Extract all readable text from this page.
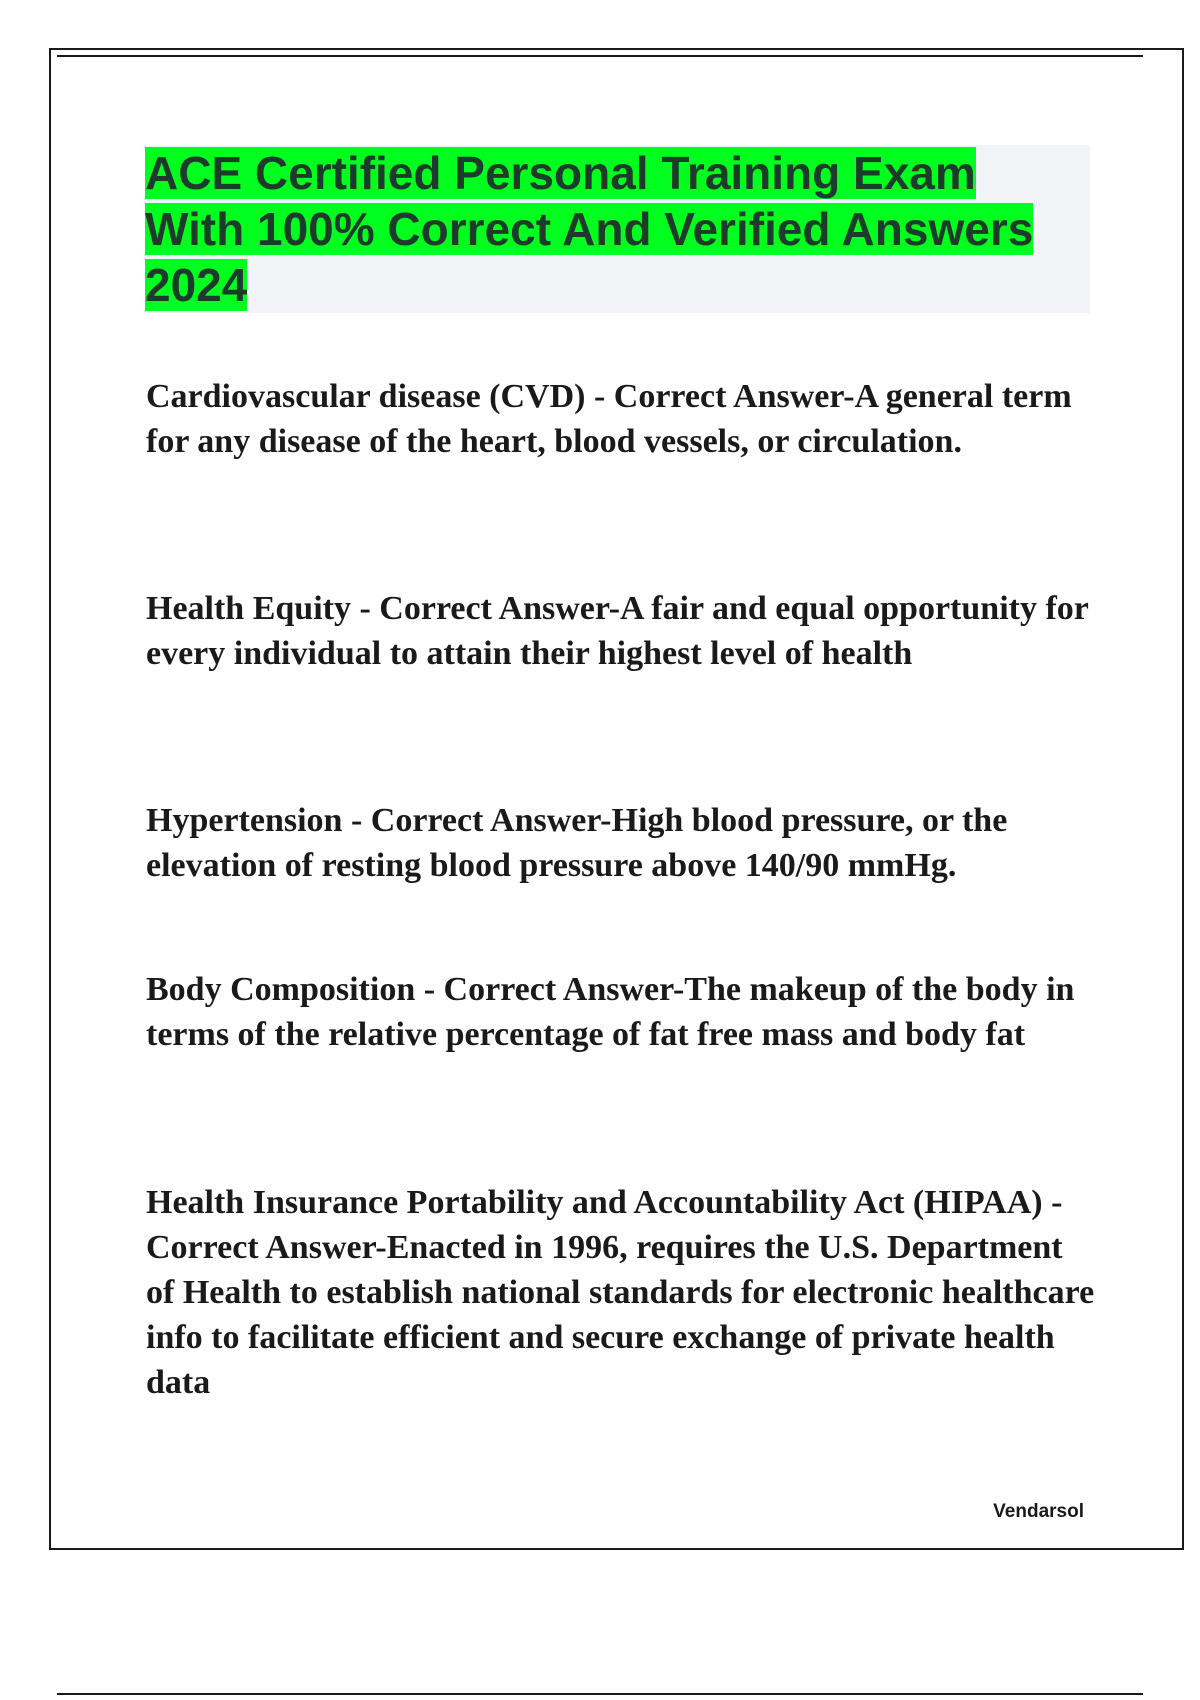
ACE Certified Personal Training Exam
With 100% Correct And Verified Answers
2024

Cardiovascular disease (CVD) - Correct Answer-A general term for any disease of the heart, blood vessels, or circulation.

Health Equity - Correct Answer-A fair and equal opportunity for every individual to attain their highest level of health

Hypertension - Correct Answer-High blood pressure, or the elevation of resting blood pressure above 140/90 mmHg.

Body Composition - Correct Answer-The makeup of the body in terms of the relative percentage of fat free mass and body fat

Health Insurance Portability and Accountability Act (HIPAA) - Correct Answer-Enacted in 1996, requires the U.S. Department of Health to establish national standards for electronic healthcare info to facilitate efficient and secure exchange of private health data

Vendarsol
